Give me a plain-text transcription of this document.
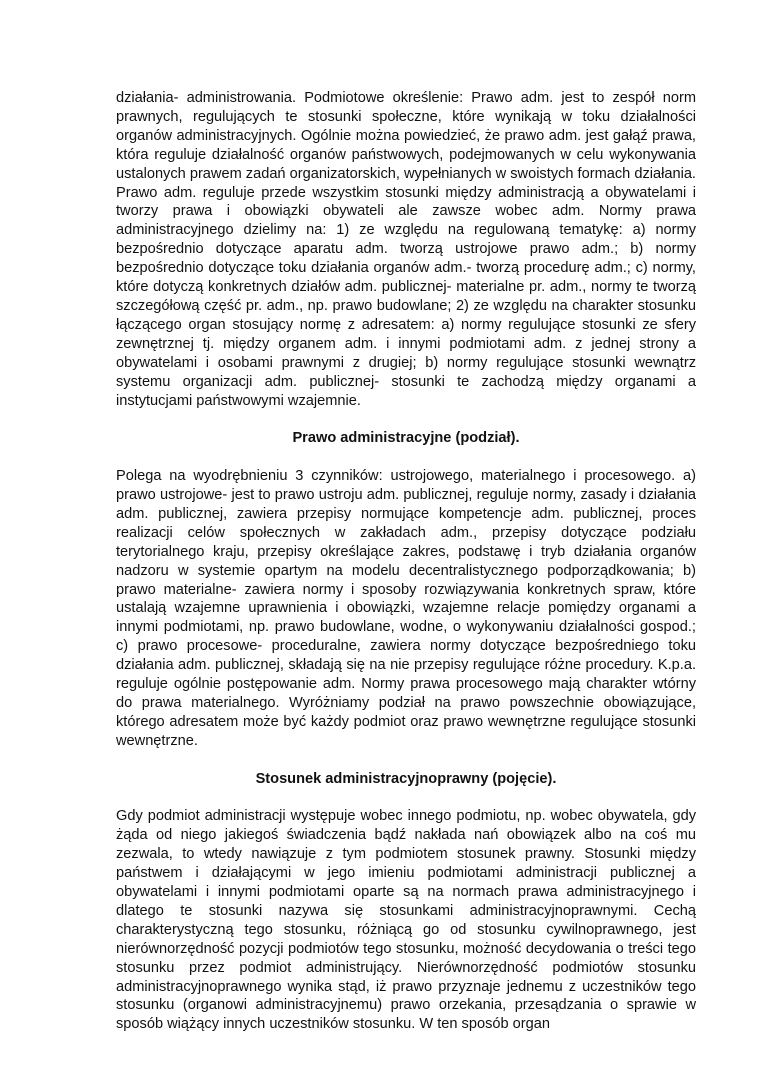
działania- administrowania. Podmiotowe określenie: Prawo adm. jest to zespół norm prawnych, regulujących te stosunki społeczne, które wynikają w toku działalności organów administracyjnych. Ogólnie można powiedzieć, że prawo adm. jest gałąź prawa, która reguluje działalność organów państwowych, podejmowanych w celu wykonywania ustalonych prawem zadań organizatorskich, wypełnianych w swoistych formach działania. Prawo adm. reguluje przede wszystkim stosunki między administracją a obywatelami i tworzy prawa i obowiązki obywateli ale zawsze wobec adm. Normy prawa administracyjnego dzielimy na: 1) ze względu na regulowaną tematykę: a) normy bezpośrednio dotyczące aparatu adm. tworzą ustrojowe prawo adm.; b) normy bezpośrednio dotyczące toku działania organów adm.- tworzą procedurę adm.; c) normy, które dotyczą konkretnych działów adm. publicznej- materialne pr. adm., normy te tworzą szczegółową część pr. adm., np. prawo budowlane; 2) ze względu na charakter stosunku łączącego organ stosujący normę z adresatem: a) normy regulujące stosunki ze sfery zewnętrznej tj. między organem adm. i innymi podmiotami adm. z jednej strony a obywatelami i osobami prawnymi z drugiej; b) normy regulujące stosunki wewnątrz systemu organizacji adm. publicznej- stosunki te zachodzą między organami a instytucjami państwowymi wzajemnie.

Prawo administracyjne (podział).

Polega na wyodrębnieniu 3 czynników: ustrojowego, materialnego i procesowego. a) prawo ustrojowe- jest to prawo ustroju adm. publicznej, reguluje normy, zasady i działania adm. publicznej, zawiera przepisy normujące kompetencje adm. publicznej, proces realizacji celów społecznych w zakładach adm., przepisy dotyczące podziału terytorialnego kraju, przepisy określające zakres, podstawę i tryb działania organów nadzoru w systemie opartym na modelu decentralistycznego podporządkowania; b) prawo materialne- zawiera normy i sposoby rozwiązywania konkretnych spraw, które ustalają wzajemne uprawnienia i obowiązki, wzajemne relacje pomiędzy organami a innymi podmiotami, np. prawo budowlane, wodne, o wykonywaniu działalności gospod.; c) prawo procesowe- proceduralne, zawiera normy dotyczące bezpośredniego toku działania adm. publicznej, składają się na nie przepisy regulujące różne procedury. K.p.a. reguluje ogólnie postępowanie adm. Normy prawa procesowego mają charakter wtórny do prawa materialnego. Wyróżniamy podział na prawo powszechnie obowiązujące, którego adresatem może być każdy podmiot oraz prawo wewnętrzne regulujące stosunki wewnętrzne.

Stosunek administracyjnoprawny (pojęcie).

Gdy podmiot administracji występuje wobec innego podmiotu, np. wobec obywatela, gdy żąda od niego jakiegoś świadczenia bądź nakłada nań obowiązek albo na coś mu zezwala, to wtedy nawiązuje z tym podmiotem stosunek prawny. Stosunki między państwem i działającymi w jego imieniu podmiotami administracji publicznej a obywatelami i innymi podmiotami oparte są na normach prawa administracyjnego i dlatego te stosunki nazywa się stosunkami administracyjnoprawnymi. Cechą charakterystyczną tego stosunku, różniącą go od stosunku cywilnoprawnego, jest nierównorzędność pozycji podmiotów tego stosunku, możność decydowania o treści tego stosunku przez podmiot administrujący. Nierównorzędność podmiotów stosunku administracyjnoprawnego wynika stąd, iż prawo przyznaje jednemu z uczestników tego stosunku (organowi administracyjnemu) prawo orzekania, przesądzania o sprawie w sposób wiążący innych uczestników stosunku. W ten sposób organ
